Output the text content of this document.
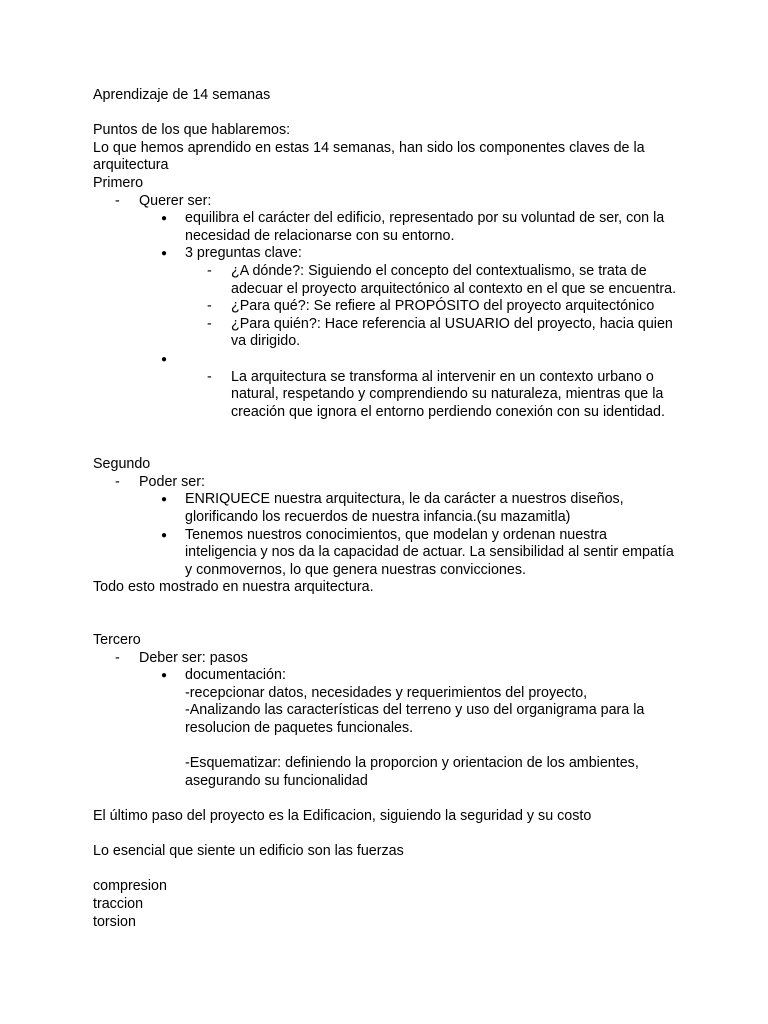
Aprendizaje de 14 semanas

Puntos de los que hablaremos:

Lo que hemos aprendido en estas 14 semanas, han sido los componentes claves de la

arquitectura

Primero

- Querer ser:
● equilibra el carácter del edificio, representado por su voluntad de ser, con la
necesidad de relacionarse con su entorno.
● 3 preguntas clave:
- ¿A dónde?: Siguiendo el concepto del contextualismo, se trata de
adecuar el proyecto arquitectónico al contexto en el que se encuentra.
- ¿Para qué?: Se refiere al PROPÓSITO del proyecto arquitectónico
- ¿Para quién?: Hace referencia al USUARIO del proyecto, hacia quien
va dirigido.
●

- La arquitectura se transforma al intervenir en un contexto urbano o
natural, respetando y comprendiendo su naturaleza, mientras que la
creación que ignora el entorno perdiendo conexión con su identidad.

Segundo

- Poder ser:
● ENRIQUECE nuestra arquitectura, le da carácter a nuestros diseños,
glorificando los recuerdos de nuestra infancia.(su mazamitla)
● Tenemos nuestros conocimientos, que modelan y ordenan nuestra
inteligencia y nos da la capacidad de actuar. La sensibilidad al sentir empatía
y conmovernos, lo que genera nuestras convicciones.

Todo esto mostrado en nuestra arquitectura.

Tercero

- Deber ser: pasos
● documentación:
-recepcionar datos, necesidades y requerimientos del proyecto,
-Analizando las características del terreno y uso del organigrama para la
resolucion de paquetes funcionales.

-Esquematizar: definiendo la proporcion y orientacion de los ambientes,
asegurando su funcionalidad

El último paso del proyecto es la Edificacion, siguiendo la seguridad y su costo

Lo esencial que siente un edificio son las fuerzas

compresion

traccion

torsion
